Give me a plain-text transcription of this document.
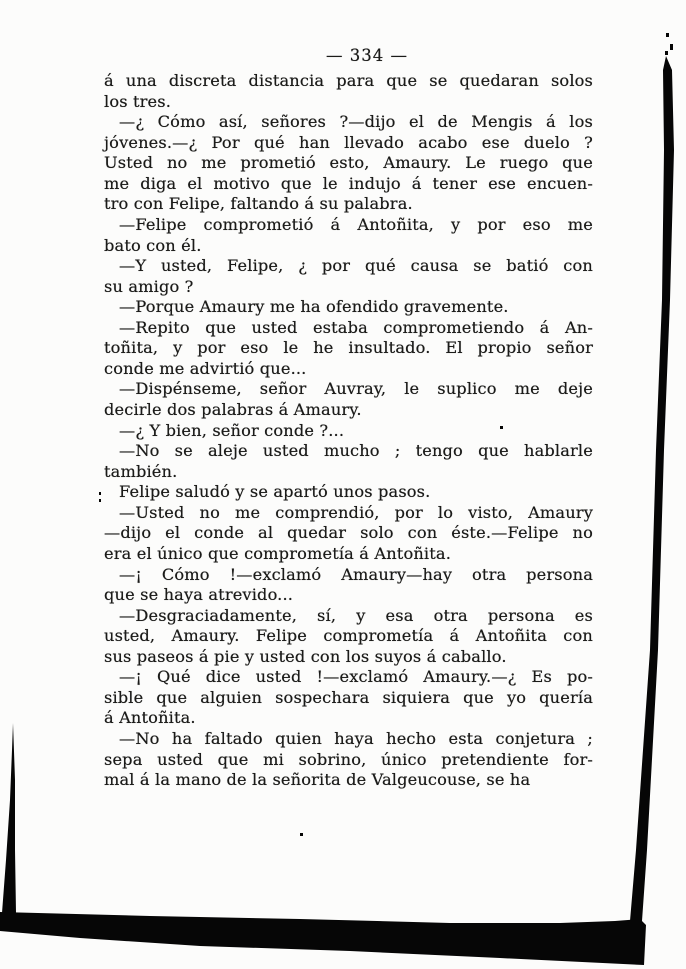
— 334 —
á una discreta distancia para que se quedaran solos
los tres.
—¿ Cómo así, señores ?—dijo el de Mengis á los
jóvenes.—¿ Por qué han llevado acabo ese duelo ?
Usted no me prometió esto, Amaury. Le ruego que
me diga el motivo que le indujo á tener ese encuen-
tro con Felipe, faltando á su palabra.
—Felipe comprometió á Antoñita, y por eso me
bato con él.
—Y usted, Felipe, ¿ por qué causa se batió con
su amigo ?
—Porque Amaury me ha ofendido gravemente.
—Repito que usted estaba comprometiendo á An-
toñita, y por eso le he insultado. El propio señor
conde me advirtió que...
—Dispénseme, señor Auvray, le suplico me deje
decirle dos palabras á Amaury.
—¿ Y bien, señor conde ?...
—No se aleje usted mucho ; tengo que hablarle
también.
Felipe saludó y se apartó unos pasos.
—Usted no me comprendió, por lo visto, Amaury
—dijo el conde al quedar solo con éste.—Felipe no
era el único que comprometía á Antoñita.
—¡ Cómo !—exclamó Amaury—hay otra persona
que se haya atrevido...
—Desgraciadamente, sí, y esa otra persona es
usted, Amaury. Felipe comprometía á Antoñita con
sus paseos á pie y usted con los suyos á caballo.
—¡ Qué dice usted !—exclamó Amaury.—¿ Es po-
sible que alguien sospechara siquiera que yo quería
á Antoñita.
—No ha faltado quien haya hecho esta conjetura ;
sepa usted que mi sobrino, único pretendiente for-
mal á la mano de la señorita de Valgeucouse, se ha
